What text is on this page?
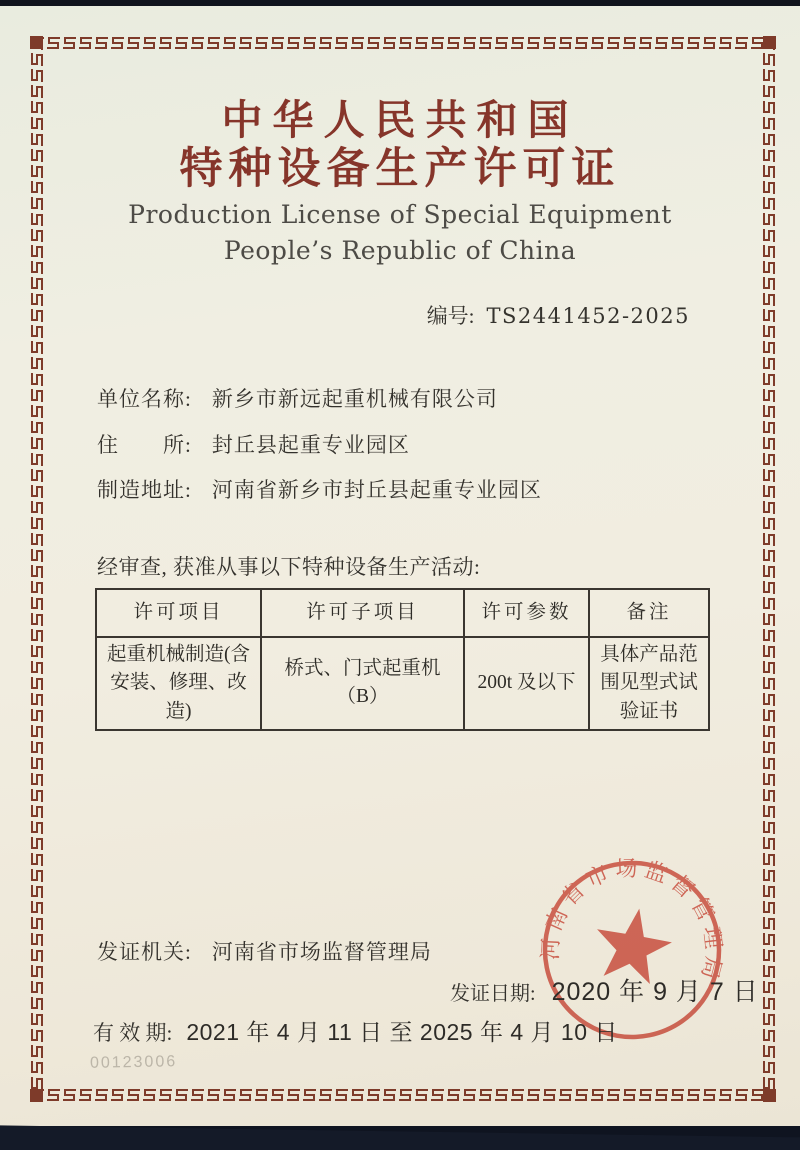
中华人民共和国
特种设备生产许可证
Production License of Special Equipment
People’s Republic of China
编号: TS2441452-2025
单位名称: 新乡市新远起重机械有限公司
住　　所: 封丘县起重专业园区
制造地址: 河南省新乡市封丘县起重专业园区
经审查, 获准从事以下特种设备生产活动:
许可项目	许可子项目	许可参数	备注
起重机械制造(含安装、修理、改造)	桥式、门式起重机（B）	200t 及以下	具体产品范围见型式试验证书
发证机关: 河南省市场监督管理局
发证日期: 2020 年 9 月 7 日
有 效 期: 2021 年 4 月 11 日 至 2025 年 4 月 10 日
河南省市场监督管理局
00123006
